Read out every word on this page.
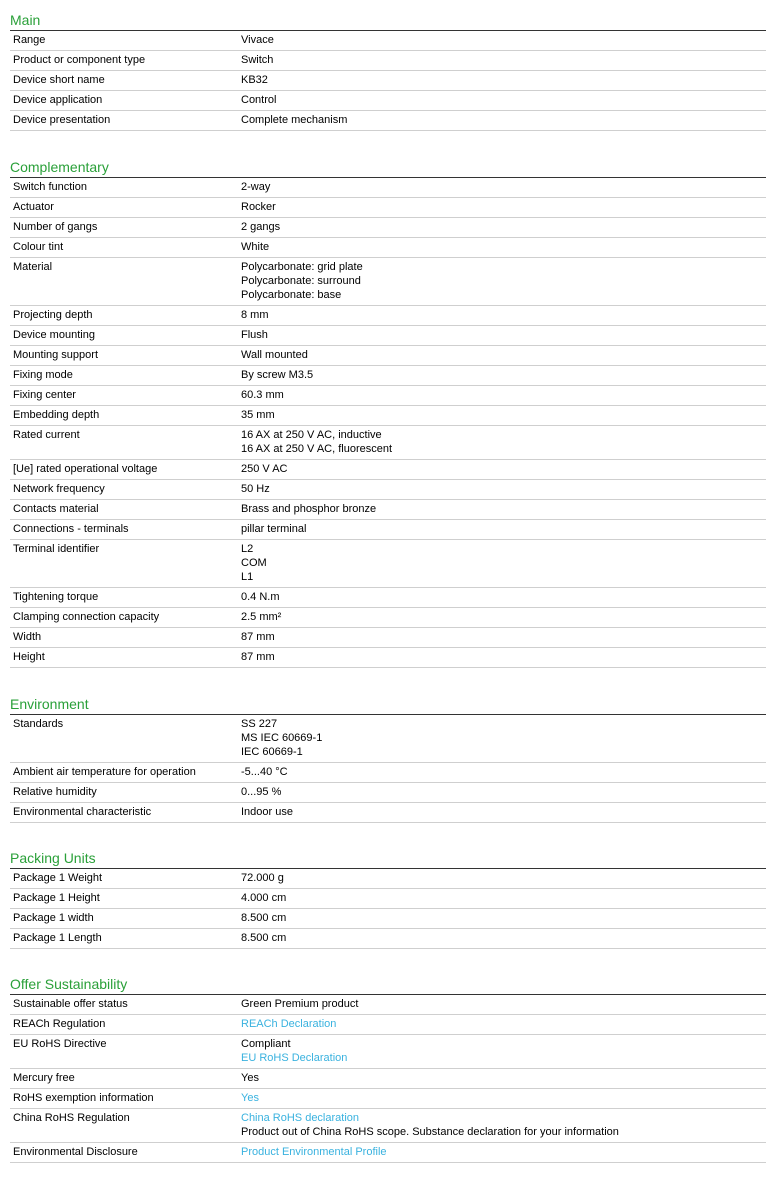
Main
Range	Vivace
Product or component type	Switch
Device short name	KB32
Device application	Control
Device presentation	Complete mechanism
Complementary
Switch function	2-way
Actuator	Rocker
Number of gangs	2 gangs
Colour tint	White
Material	Polycarbonate: grid plate
Polycarbonate: surround
Polycarbonate: base
Projecting depth	8 mm
Device mounting	Flush
Mounting support	Wall mounted
Fixing mode	By screw M3.5
Fixing center	60.3 mm
Embedding depth	35 mm
Rated current	16 AX at 250 V AC, inductive
16 AX at 250 V AC, fluorescent
[Ue] rated operational voltage	250 V AC
Network frequency	50 Hz
Contacts material	Brass and phosphor bronze
Connections - terminals	pillar terminal
Terminal identifier	L2
COM
L1
Tightening torque	0.4 N.m
Clamping connection capacity	2.5 mm²
Width	87 mm
Height	87 mm
Environment
Standards	SS 227
MS IEC 60669-1
IEC 60669-1
Ambient air temperature for operation	-5...40 °C
Relative humidity	0...95 %
Environmental characteristic	Indoor use
Packing Units
Package 1 Weight	72.000 g
Package 1 Height	4.000 cm
Package 1 width	8.500 cm
Package 1 Length	8.500 cm
Offer Sustainability
Sustainable offer status	Green Premium product
REACh Regulation	REACh Declaration
EU RoHS Directive	Compliant
EU RoHS Declaration
Mercury free	Yes
RoHS exemption information	Yes
China RoHS Regulation	China RoHS declaration
Product out of China RoHS scope. Substance declaration for your information
Environmental Disclosure	Product Environmental Profile
